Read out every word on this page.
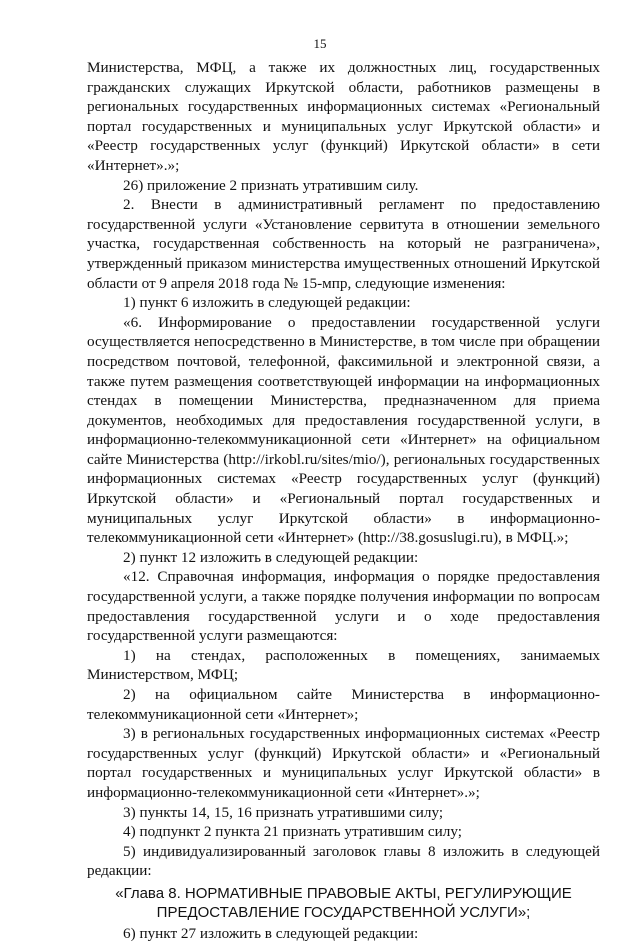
15

Министерства, МФЦ, а также их должностных лиц, государственных гражданских служащих Иркутской области, работников размещены в региональных государственных информационных системах «Региональный портал государственных и муниципальных услуг Иркутской области» и «Реестр государственных услуг (функций) Иркутской области» в сети «Интернет».»;

26) приложение 2 признать утратившим силу.

2. Внести в административный регламент по предоставлению государственной услуги «Установление сервитута в отношении земельного участка, государственная собственность на который не разграничена», утвержденный приказом министерства имущественных отношений Иркутской области от 9 апреля 2018 года № 15-мпр, следующие изменения:

1) пункт 6 изложить в следующей редакции:

«6. Информирование о предоставлении государственной услуги осуществляется непосредственно в Министерстве, в том числе при обращении посредством почтовой, телефонной, факсимильной и электронной связи, а также путем размещения соответствующей информации на информационных стендах в помещении Министерства, предназначенном для приема документов, необходимых для предоставления государственной услуги, в информационно-телекоммуникационной сети «Интернет» на официальном сайте Министерства (http://irkobl.ru/sites/mio/), региональных государственных информационных системах «Реестр государственных услуг (функций) Иркутской области» и «Региональный портал государственных и муниципальных услуг Иркутской области» в информационно-телекоммуникационной сети «Интернет» (http://38.gosuslugi.ru), в МФЦ.»;

2) пункт 12 изложить в следующей редакции:

«12. Справочная информация, информация о порядке предоставления государственной услуги, а также порядке получения информации по вопросам предоставления государственной услуги и о ходе предоставления государственной услуги размещаются:

1) на стендах, расположенных в помещениях, занимаемых Министерством, МФЦ;

2) на официальном сайте Министерства в информационно-телекоммуникационной сети «Интернет»;

3) в региональных государственных информационных системах «Реестр государственных услуг (функций) Иркутской области» и «Региональный портал государственных и муниципальных услуг Иркутской области» в информационно-телекоммуникационной сети «Интернет».»;

3) пункты 14, 15, 16 признать утратившими силу;

4) подпункт 2 пункта 21 признать утратившим силу;

5) индивидуализированный заголовок главы 8 изложить в следующей редакции:

«Глава 8. НОРМАТИВНЫЕ ПРАВОВЫЕ АКТЫ, РЕГУЛИРУЮЩИЕ ПРЕДОСТАВЛЕНИЕ ГОСУДАРСТВЕННОЙ УСЛУГИ»;

6) пункт 27 изложить в следующей редакции:
